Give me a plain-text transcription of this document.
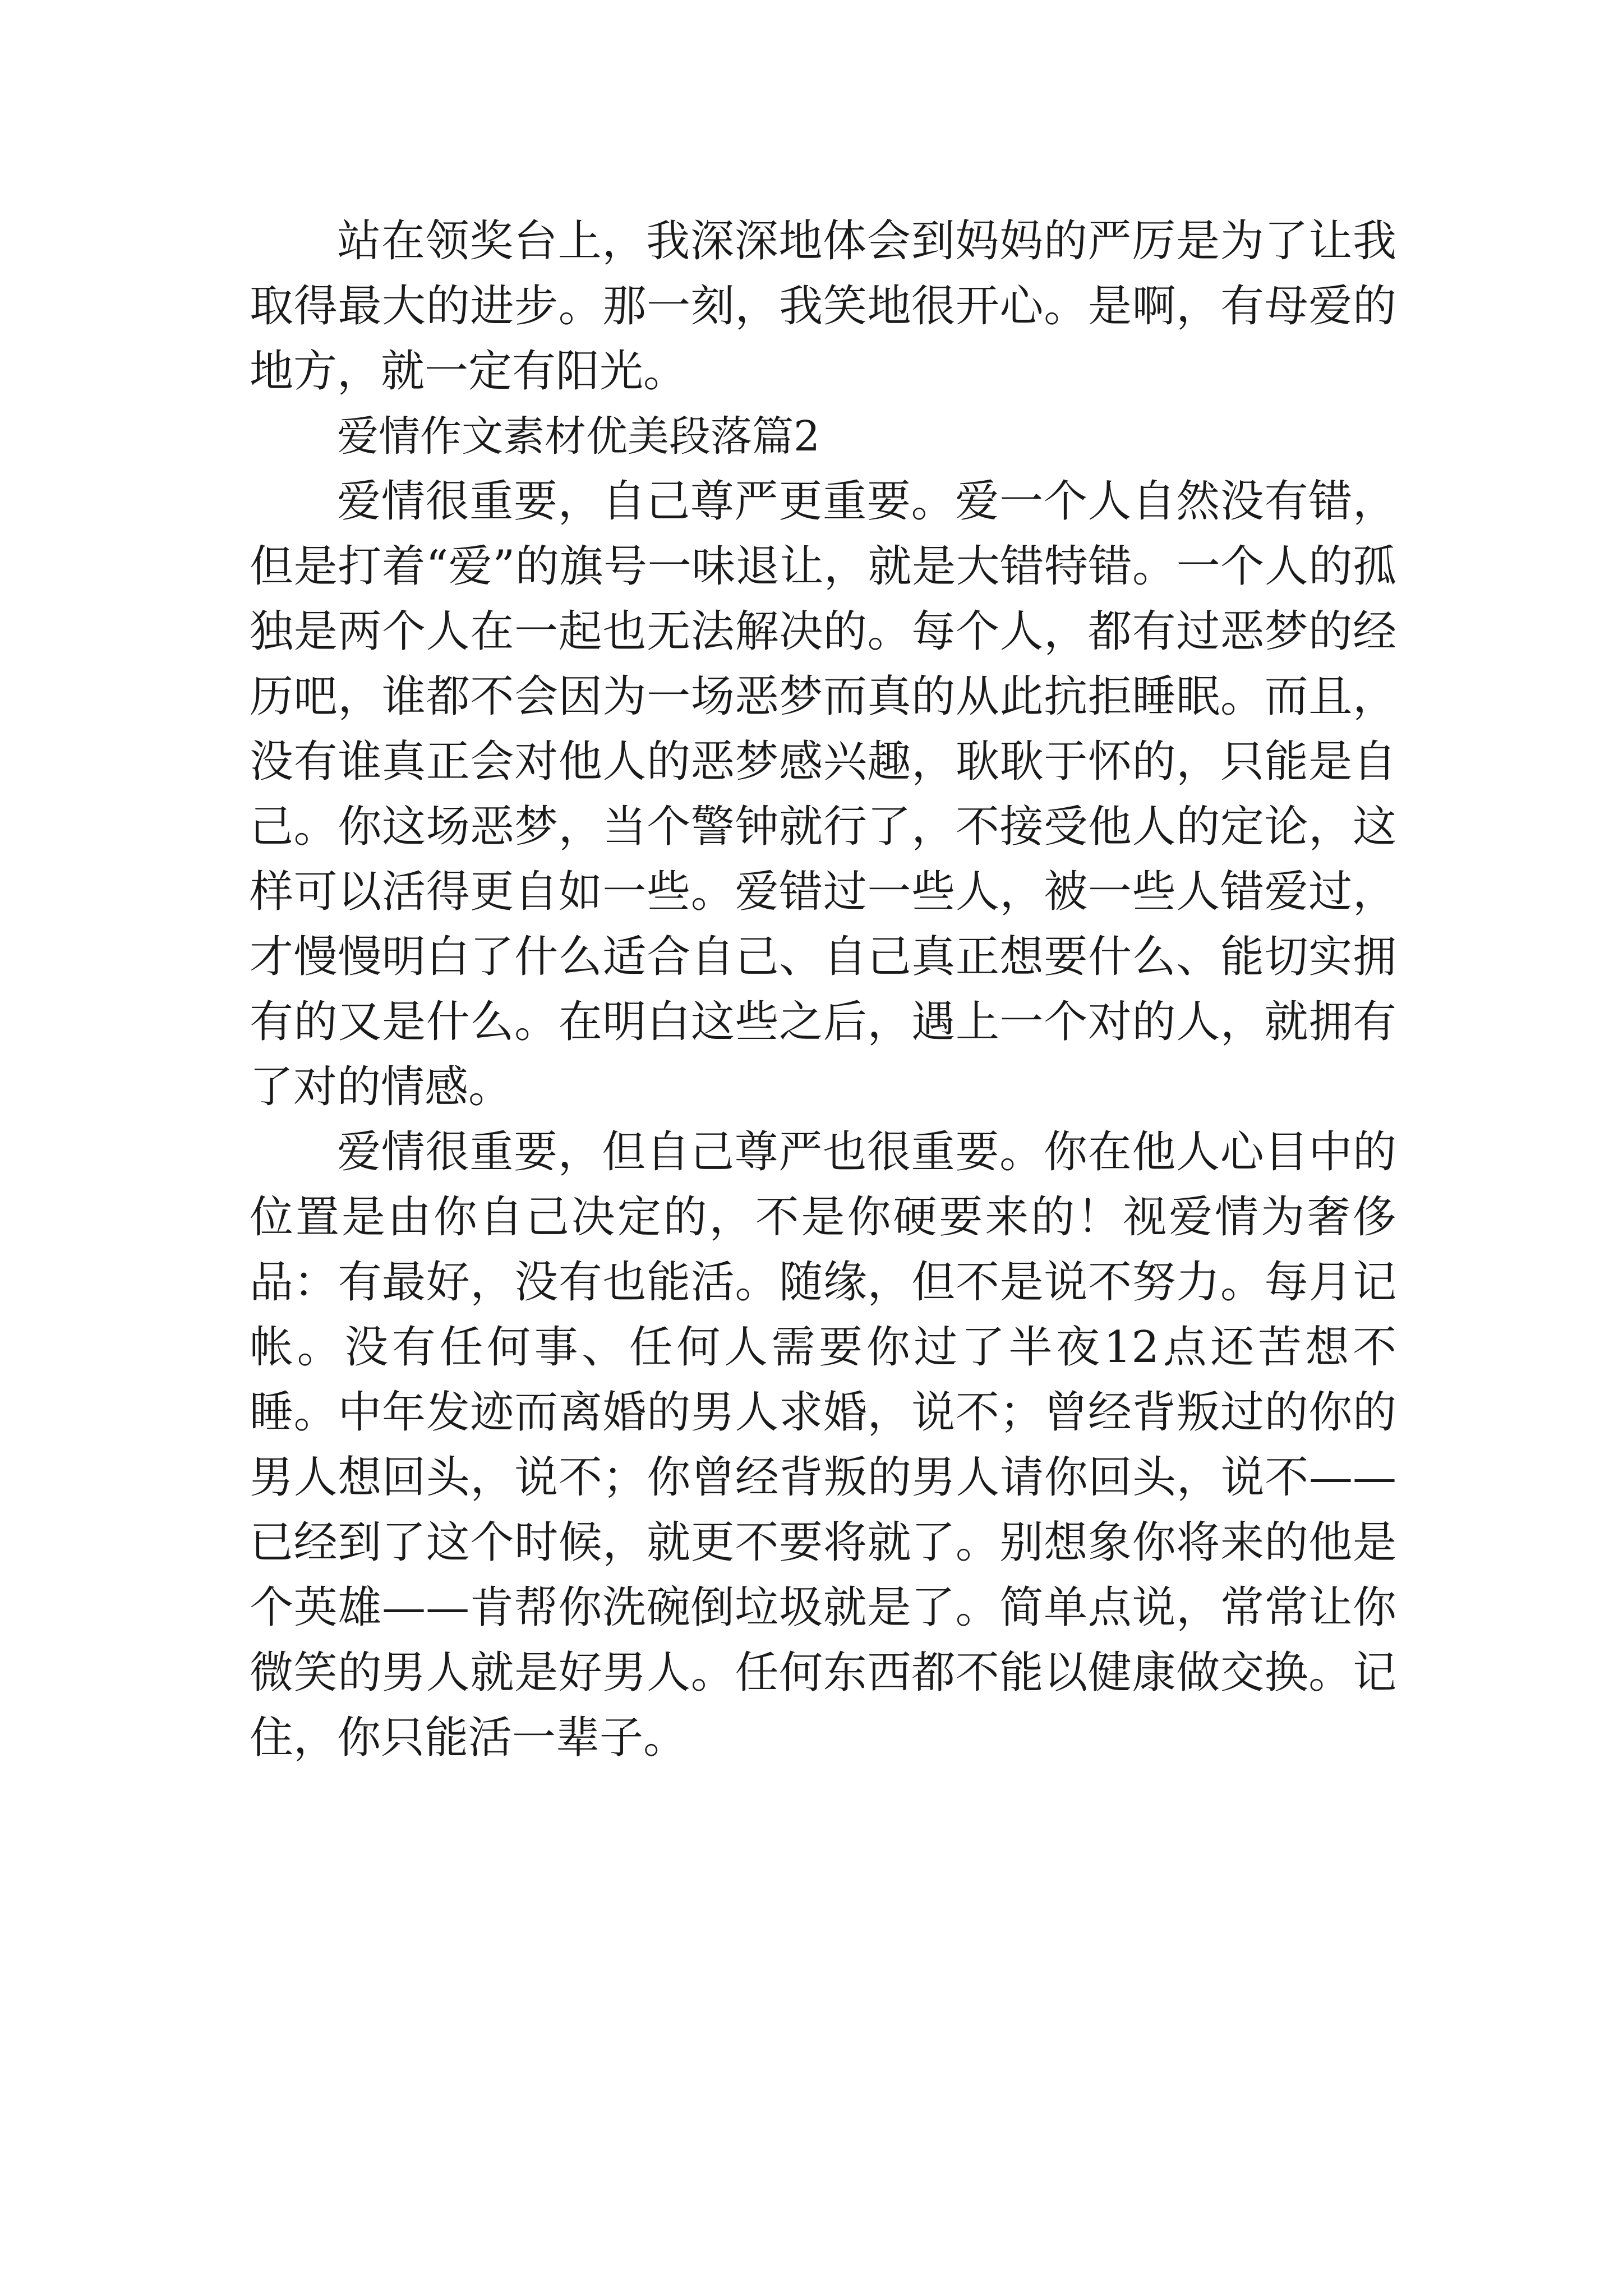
站在领奖台上，我深深地体会到妈妈的严厉是为了让我取得最大的进步。那一刻，我笑地很开心。是啊，有母爱的地方，就一定有阳光。

爱情作文素材优美段落篇2

爱情很重要，自己尊严更重要。爱一个人自然没有错，但是打着“爱”的旗号一味退让，就是大错特错。一个人的孤独是两个人在一起也无法解决的。每个人，都有过恶梦的经历吧，谁都不会因为一场恶梦而真的从此抗拒睡眠。而且，没有谁真正会对他人的恶梦感兴趣，耿耿于怀的，只能是自己。你这场恶梦，当个警钟就行了，不接受他人的定论，这样可以活得更自如一些。爱错过一些人，被一些人错爱过，才慢慢明白了什么适合自己、自己真正想要什么、能切实拥有的又是什么。在明白这些之后，遇上一个对的人，就拥有了对的情感。

爱情很重要，但自己尊严也很重要。你在他人心目中的位置是由你自己决定的，不是你硬要来的！视爱情为奢侈品：有最好，没有也能活。随缘，但不是说不努力。每月记帐。没有任何事、任何人需要你过了半夜12点还苦想不睡。中年发迹而离婚的男人求婚，说不；曾经背叛过的你的男人想回头，说不；你曾经背叛的男人请你回头，说不——已经到了这个时候，就更不要将就了。别想象你将来的他是个英雄——肯帮你洗碗倒垃圾就是了。简单点说，常常让你微笑的男人就是好男人。任何东西都不能以健康做交换。记住，你只能活一辈子。
